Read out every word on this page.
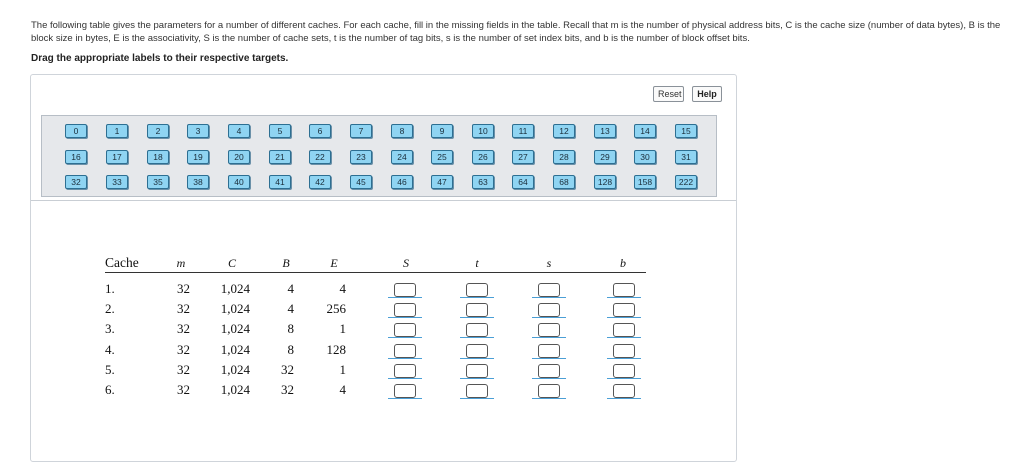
The following table gives the parameters for a number of different caches. For each cache, fill in the missing fields in the table. Recall that m is the number of physical address bits, C is the cache size (number of data bytes), B is the block size in bytes, E is the associativity, S is the number of cache sets, t is the number of tag bits, s is the number of set index bits, and b is the number of block offset bits.

Drag the appropriate labels to their respective targets.

Reset	Help
0	1	2	3	4	5	6	7	8	9	10	11	12	13	14	15
16	17	18	19	20	21	22	23	24	25	26	27	28	29	30	31
32	33	35	38	40	41	42	45	46	47	63	64	68	128	158	222
Cache	m	C	B	E	S	t	s	b
1.	32	1,024	4	4
2.	32	1,024	4	256
3.	32	1,024	8	1
4.	32	1,024	8	128
5.	32	1,024	32	1
6.	32	1,024	32	4
